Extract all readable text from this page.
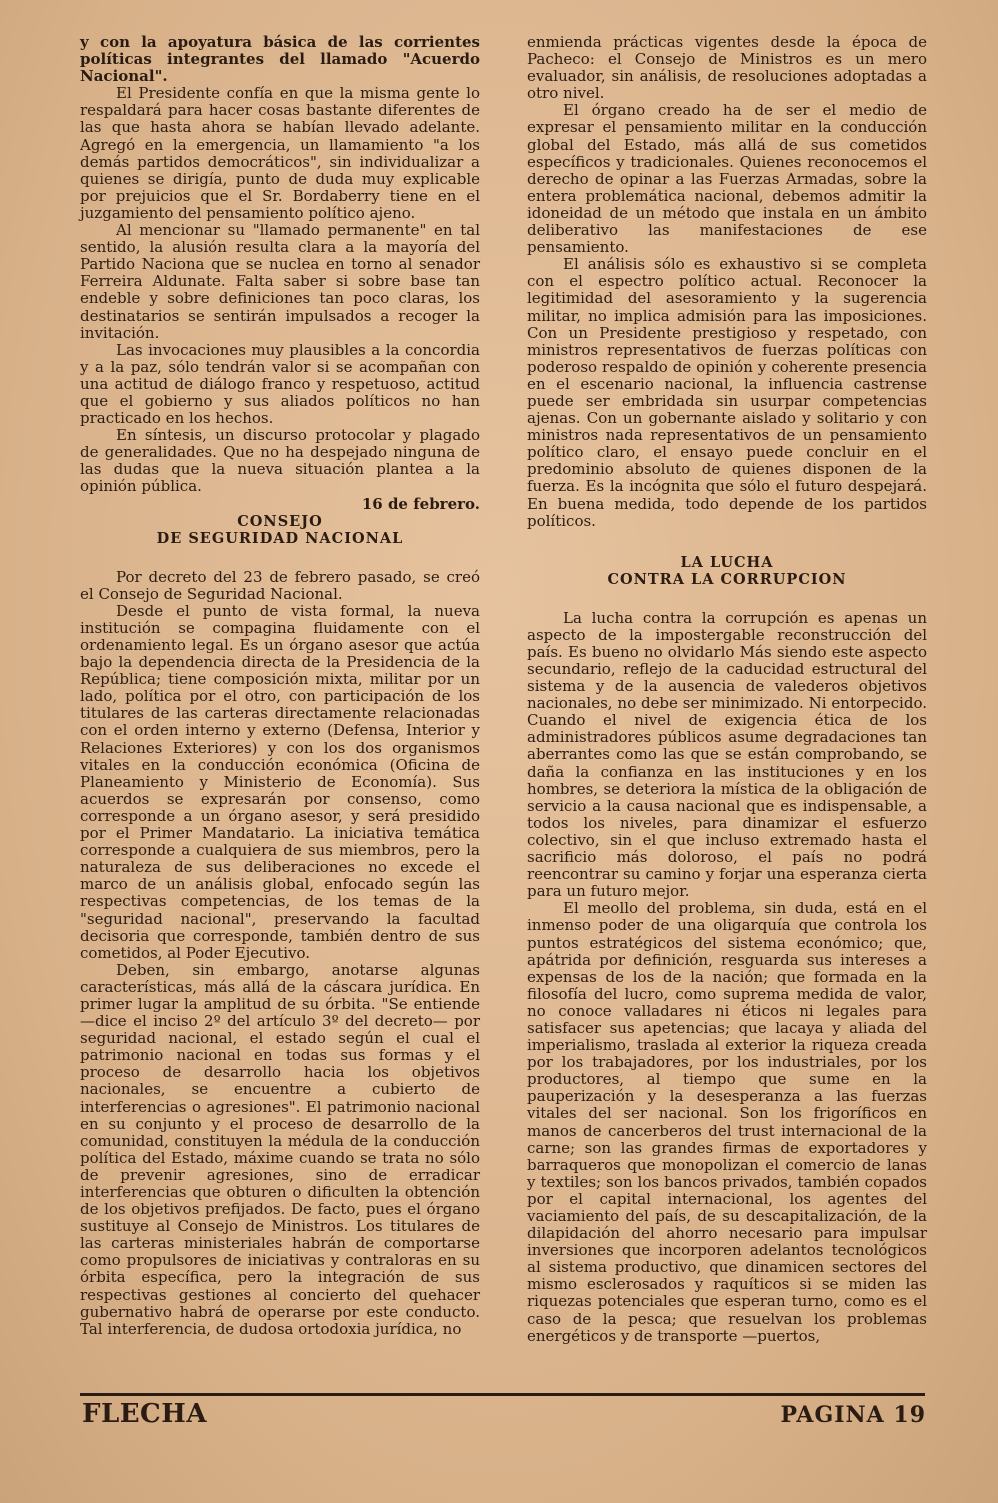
y con la apoyatura básica de las corrientes políticas integrantes del llamado "Acuerdo Nacional".

El Presidente confía en que la misma gente lo respaldará para hacer cosas bastante diferentes de las que hasta ahora se habían llevado adelante. Agregó en la emergencia, un llamamiento "a los demás partidos democráticos", sin individualizar a quienes se dirigía, punto de duda muy explicable por prejuicios que el Sr. Bordaberry tiene en el juzgamiento del pensamiento político ajeno.

Al mencionar su "llamado permanente" en tal sentido, la alusión resulta clara a la mayoría del Partido Naciona que se nuclea en torno al senador Ferreira Aldunate. Falta saber si sobre base tan endeble y sobre definiciones tan poco claras, los destinatarios se sentirán impulsados a recoger la invitación.

Las invocaciones muy plausibles a la concordia y a la paz, sólo tendrán valor si se acompañan con una actitud de diálogo franco y respetuoso, actitud que el gobierno y sus aliados políticos no han practicado en los hechos.

En síntesis, un discurso protocolar y plagado de generalidades. Que no ha despejado ninguna de las dudas que la nueva situación plantea a la opinión pública.

16 de febrero.

CONSEJO
DE SEGURIDAD NACIONAL

Por decreto del 23 de febrero pasado, se creó el Consejo de Seguridad Nacional.

Desde el punto de vista formal, la nueva institución se compagina fluidamente con el ordenamiento legal. Es un órgano asesor que actúa bajo la dependencia directa de la Presidencia de la República; tiene composición mixta, militar por un lado, política por el otro, con participación de los titulares de las carteras directamente relacionadas con el orden interno y externo (Defensa, Interior y Relaciones Exteriores) y con los dos organismos vitales en la conducción económica (Oficina de Planeamiento y Ministerio de Economía). Sus acuerdos se expresarán por consenso, como corresponde a un órgano asesor, y será presidido por el Primer Mandatario. La iniciativa temática corresponde a cualquiera de sus miembros, pero la naturaleza de sus deliberaciones no excede el marco de un análisis global, enfocado según las respectivas competencias, de los temas de la "seguridad nacional", preservando la facultad decisoria que corresponde, también dentro de sus cometidos, al Poder Ejecutivo.

Deben, sin embargo, anotarse algunas características, más allá de la cáscara jurídica. En primer lugar la amplitud de su órbita. "Se entiende —dice el inciso 2º del artículo 3º del decreto— por seguridad nacional, el estado según el cual el patrimonio nacional en todas sus formas y el proceso de desarrollo hacia los objetivos nacionales, se encuentre a cubierto de interferencias o agresiones". El patrimonio nacional en su conjunto y el proceso de desarrollo de la comunidad, constituyen la médula de la conducción política del Estado, máxime cuando se trata no sólo de prevenir agresiones, sino de erradicar interferencias que obturen o dificulten la obtención de los objetivos prefijados. De facto, pues el órgano sustituye al Consejo de Ministros. Los titulares de las carteras ministeriales habrán de comportarse como propulsores de iniciativas y contraloras en su órbita específica, pero la integración de sus respectivas gestiones al concierto del quehacer gubernativo habrá de operarse por este conducto. Tal interferencia, de dudosa ortodoxia jurídica, no

enmienda prácticas vigentes desde la época de Pacheco: el Consejo de Ministros es un mero evaluador, sin análisis, de resoluciones adoptadas a otro nivel.

El órgano creado ha de ser el medio de expresar el pensamiento militar en la conducción global del Estado, más allá de sus cometidos específicos y tradicionales. Quienes reconocemos el derecho de opinar a las Fuerzas Armadas, sobre la entera problemática nacional, debemos admitir la idoneidad de un método que instala en un ámbito deliberativo las manifestaciones de ese pensamiento.

El análisis sólo es exhaustivo si se completa con el espectro político actual. Reconocer la legitimidad del asesoramiento y la sugerencia militar, no implica admisión para las imposiciones. Con un Presidente prestigioso y respetado, con ministros representativos de fuerzas políticas con poderoso respaldo de opinión y coherente presencia en el escenario nacional, la influencia castrense puede ser embridada sin usurpar competencias ajenas. Con un gobernante aislado y solitario y con ministros nada representativos de un pensamiento político claro, el ensayo puede concluir en el predominio absoluto de quienes disponen de la fuerza. Es la incógnita que sólo el futuro despejará. En buena medida, todo depende de los partidos políticos.

LA LUCHA
CONTRA LA CORRUPCION

La lucha contra la corrupción es apenas un aspecto de la impostergable reconstrucción del país. Es bueno no olvidarlo Más siendo este aspecto secundario, reflejo de la caducidad estructural del sistema y de la ausencia de valederos objetivos nacionales, no debe ser minimizado. Ni entorpecido. Cuando el nivel de exigencia ética de los administradores públicos asume degradaciones tan aberrantes como las que se están comprobando, se daña la confianza en las instituciones y en los hombres, se deteriora la mística de la obligación de servicio a la causa nacional que es indispensable, a todos los niveles, para dinamizar el esfuerzo colectivo, sin el que incluso extremado hasta el sacrificio más doloroso, el país no podrá reencontrar su camino y forjar una esperanza cierta para un futuro mejor.

El meollo del problema, sin duda, está en el inmenso poder de una oligarquía que controla los puntos estratégicos del sistema económico; que, apátrida por definición, resguarda sus intereses a expensas de los de la nación; que formada en la filosofía del lucro, como suprema medida de valor, no conoce valladares ni éticos ni legales para satisfacer sus apetencias; que lacaya y aliada del imperialismo, traslada al exterior la riqueza creada por los trabajadores, por los industriales, por los productores, al tiempo que sume en la pauperización y la desesperanza a las fuerzas vitales del ser nacional. Son los frigoríficos en manos de cancerberos del trust internacional de la carne; son las grandes firmas de exportadores y barraqueros que monopolizan el comercio de lanas y textiles; son los bancos privados, también copados por el capital internacional, los agentes del vaciamiento del país, de su descapitalización, de la dilapidación del ahorro necesario para impulsar inversiones que incorporen adelantos tecnológicos al sistema productivo, que dinamicen sectores del mismo esclerosados y raquíticos si se miden las riquezas potenciales que esperan turno, como es el caso de la pesca; que resuelvan los problemas energéticos y de transporte —puertos,

FLECHA	PAGINA 19
